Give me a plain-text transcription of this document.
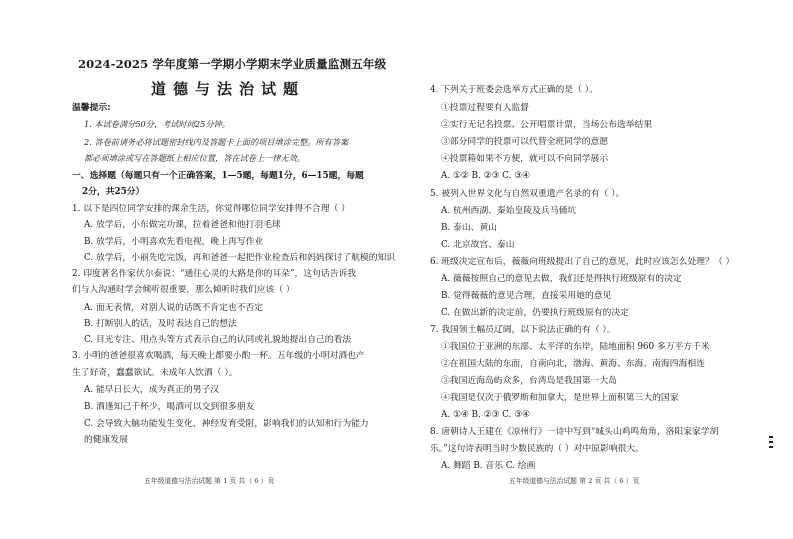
2024-2025 学年度第一学期小学期末学业质量监测五年级
道德与法治试题
温馨提示:
1. 本试卷满分50分，考试时间25分钟。
2. 答卷前请务必将试题密封线内及答题卡上面的项目填涂完整。所有答案
都必须填涂或写在答题纸上相应位置，答在试卷上一律无效。
一、选择题（每题只有一个正确答案，1—5题，每题1分，6—15题，每题
2分，共25分）
1. 以下是四位同学安排的课余生活，你觉得哪位同学安排得不合理（ ）
A. 放学后，小东做完功课，拉着爸爸和他打羽毛球
B. 放学后，小明喜欢先看电视，晚上再写作业
C. 放学后，小丽先吃完饭，再和爸爸一起把作业检查后和妈妈探讨了航模的知识
2. 印度著名作家伏尔泰说：“通往心灵的大路是你的耳朵”，这句话告诉我
们与人沟通时学会倾听很重要，那么倾听时我们应该（ ）
A. 面无表情，对别人说的话既不肯定也不否定
B. 打断别人的话，及时表达自己的想法
C. 目光专注、用点头等方式表示自己的认同或礼貌地提出自己的看法
3. 小明的爸爸很喜欢喝酒，每天晚上都要小酌一杯。五年级的小明对酒也产
生了好奇，蠢蠢欲试。未成年人饮酒（ ）。
A. 能早日长大，成为真正的男子汉
B. 酒逢知己千杯少，喝酒可以交到很多朋友
C. 会导致大脑功能发生变化，神经发育受阻，影响我们的认知和行为能力
的健康发展
五年级道德与法治试题 第 1 页 共（ 6 ）页
4. 下列关于班委会选举方式正确的是（ ）。
①投票过程要有人监督
②实行无记名投票、公开唱票计票，当场公布选举结果
③部分同学的投票可以代替全班同学的意愿
④投票箱如果不方便，就可以不向同学展示
A. ①② B. ②③ C. ③④
5. 被列入世界文化与自然双重遗产名录的有（ ）。
A. 杭州西湖、秦始皇陵及兵马俑坑
B. 泰山、黄山
C. 北京故宫、泰山
6. 班级决定宣布后，薇薇向班级提出了自己的意见，此时应该怎么处理？（ ）
A. 薇薇按照自己的意见去做，我们还是得执行班级原有的决定
B. 觉得薇薇的意见合理，直接采用她的意见
C. 在做出新的决定前，仍要执行班级原有的决定
7. 我国领土幅员辽阔，以下说法正确的有（ ）。
①我国位于亚洲的东部、太平洋的东岸，陆地面积 960 多万平方千米
②在祖国大陆的东面，自南向北，渤海、黄海、东海、南海四海相连
③我国近海岛屿众多，台湾岛是我国第一大岛
④我国是仅次于俄罗斯和加拿大，是世界上面积第三大的国家
A. ①④ B. ②③ C. ③④
8. 唐朝诗人王建在《凉州行》一诗中写到“城头山鸡鸣角角，洛阳家家学胡
乐。”这句诗表明当时少数民族的（ ）对中原影响很大。
A. 舞蹈 B. 音乐 C. 绘画
五年级道德与法治试题 第 2 页 共（ 6 ）页
